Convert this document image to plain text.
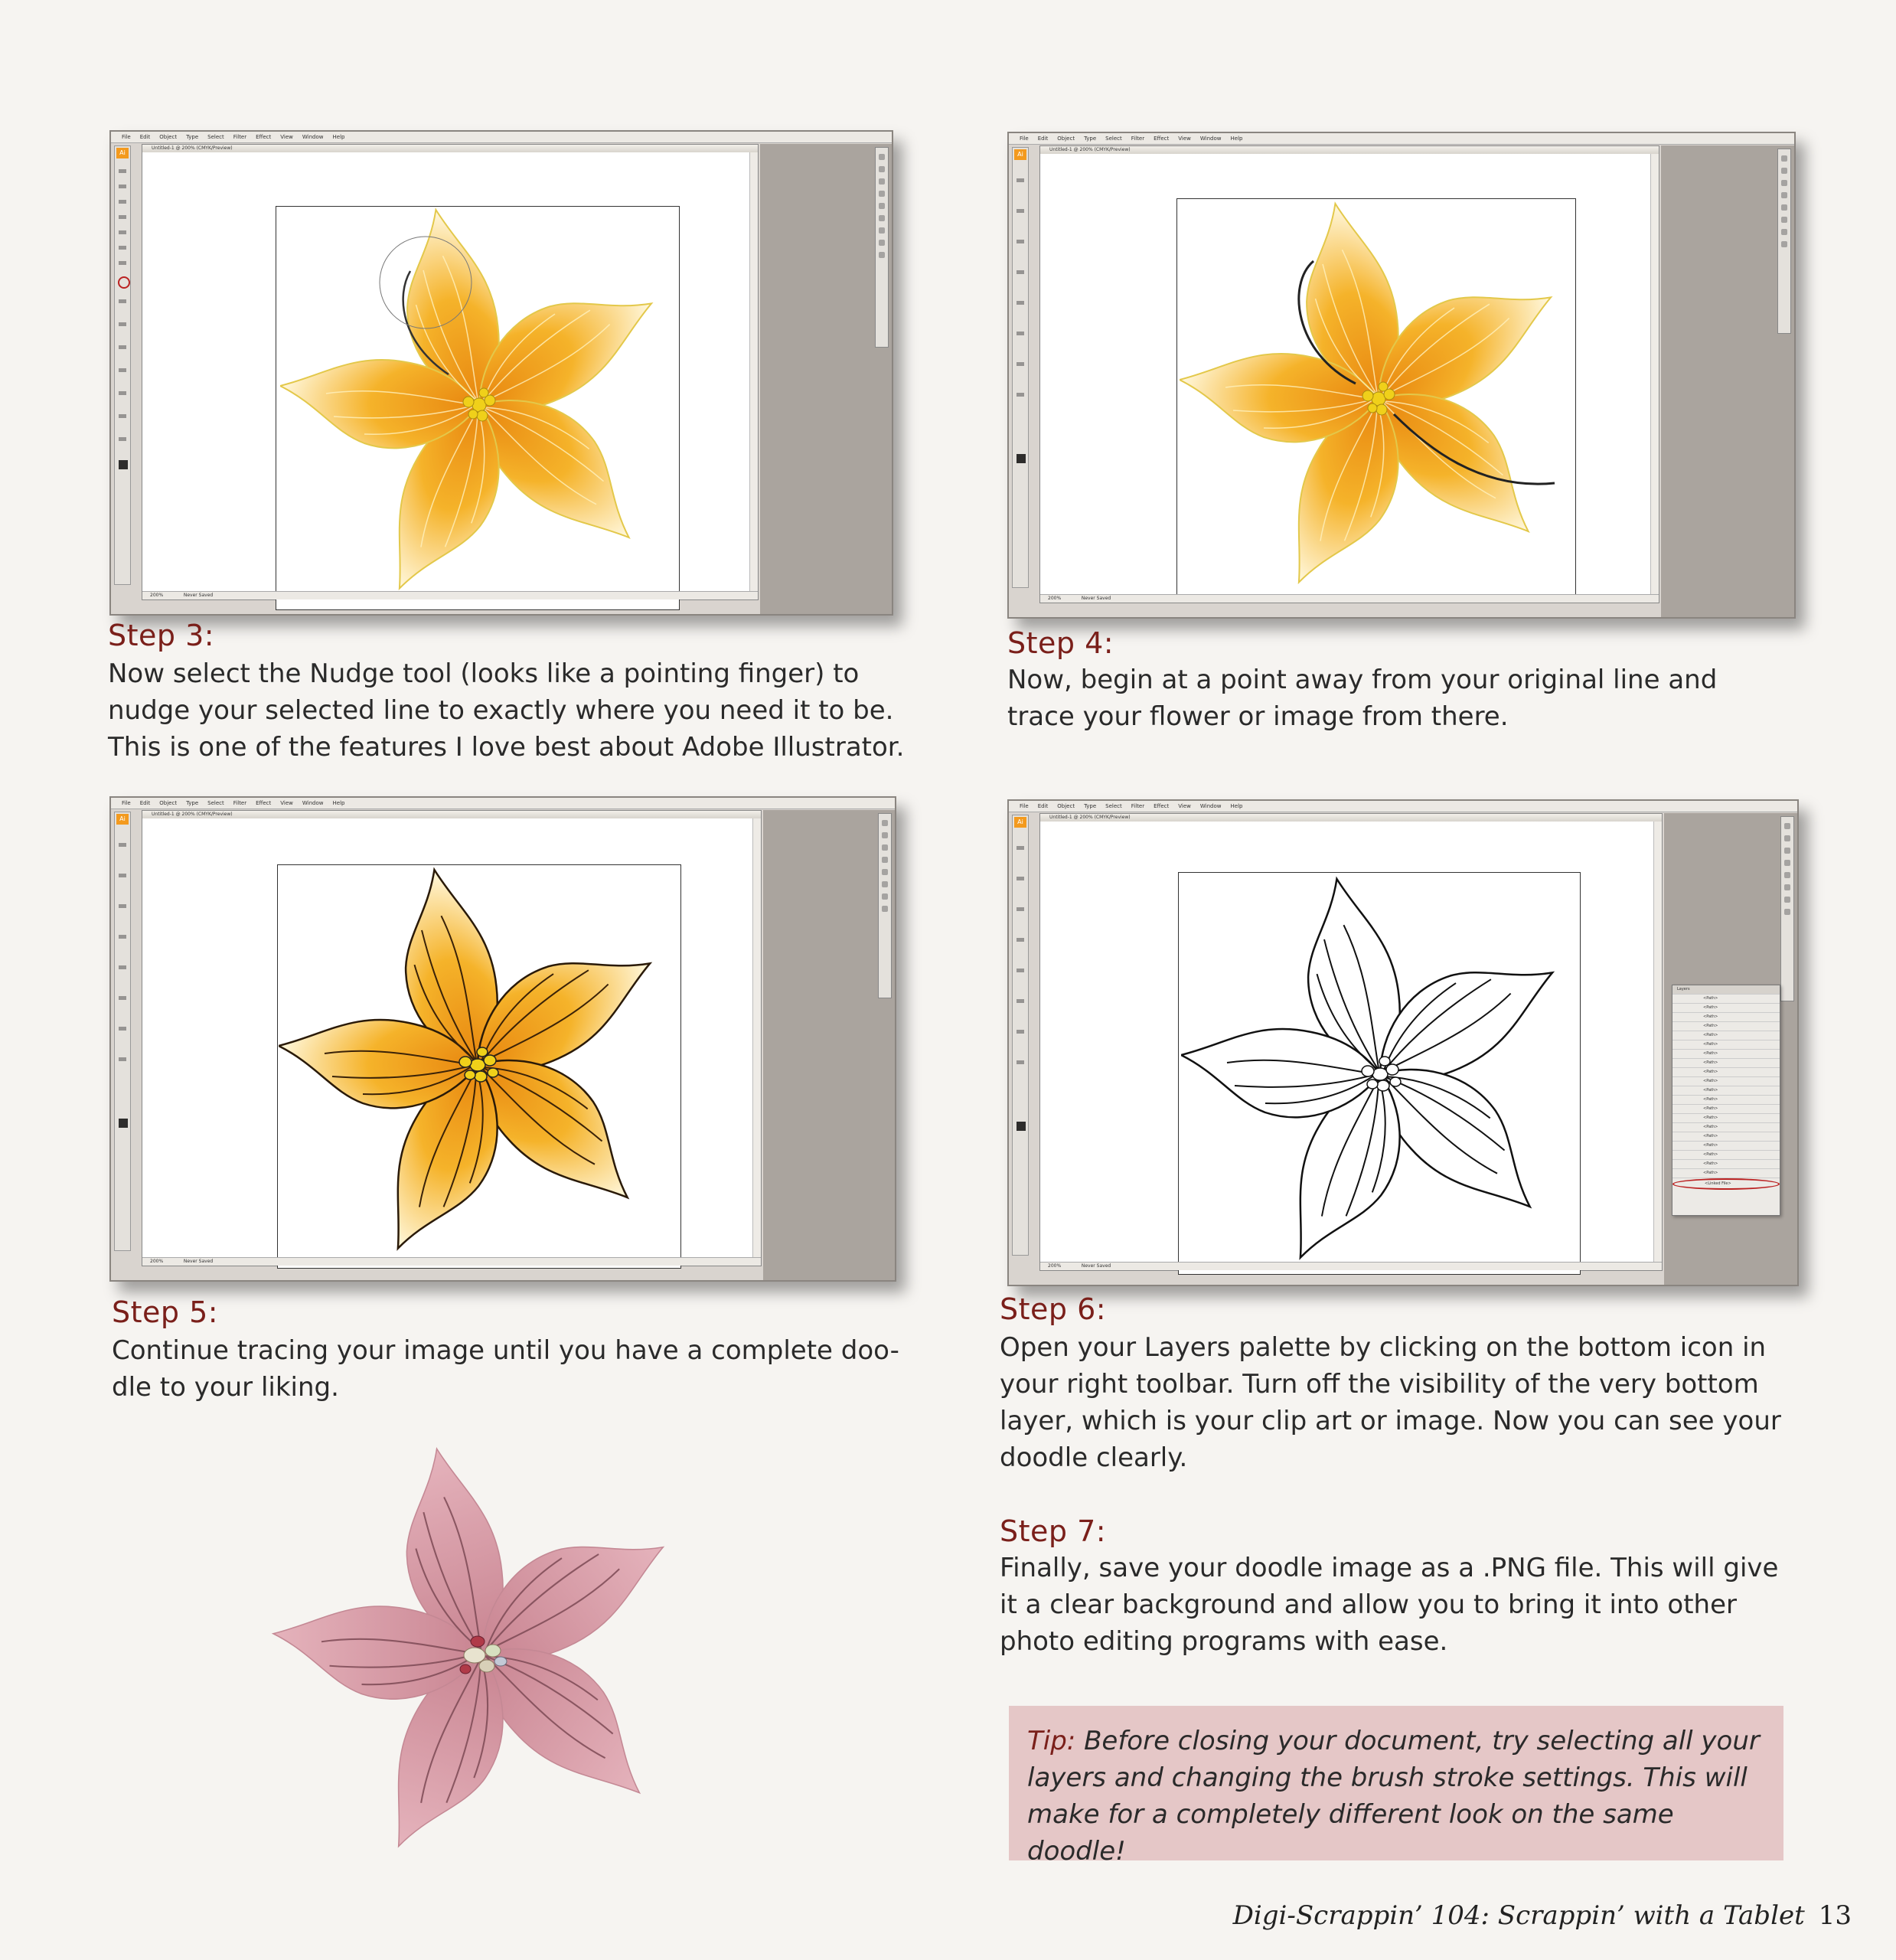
File Edit Object Type Select Filter Effect View Window Help
Ai
Untitled-1 @ 200% (CMYK/Preview)
200%	Never Saved
File Edit Object Type Select Filter Effect View Window Help
Ai
Untitled-1 @ 200% (CMYK/Preview)
200%	Never Saved
File Edit Object Type Select Filter Effect View Window Help
Ai
Untitled-1 @ 200% (CMYK/Preview)
200%	Never Saved
File Edit Object Type Select Filter Effect View Window Help
Ai
Untitled-1 @ 200% (CMYK/Preview)
200%	Never Saved
Layers
<Path>
<Path>
<Path>
<Path>
<Path>
<Path>
<Path>
<Path>
<Path>
<Path>
<Path>
<Path>
<Path>
<Path>
<Path>
<Path>
<Path>
<Path>
<Path>
<Path>
<Linked File>
Step 3:
Now select the Nudge tool (looks like a pointing finger) to nudge your selected line to exactly where you need it to be. This is one of the features I love best about Adobe Illustrator.
Step 4:
Now, begin at a point away from your original line and trace your flower or image from there.
Step 5:
Continue tracing your image until you have a complete doo-dle to your liking.
Step 6:
Open your Layers palette by clicking on the bottom icon in your right toolbar. Turn off the visibility of the very bottom layer, which is your clip art or image. Now you can see your doodle clearly.
Step 7:
Finally, save your doodle image as a .PNG file. This will give it a clear background and allow you to bring it into other photo editing programs with ease.
Tip: Before closing your document, try selecting all your layers and changing the brush stroke settings. This will make for a completely different look on the same doodle!
Digi-Scrappin’ 104: Scrappin’ with a Tablet 13
